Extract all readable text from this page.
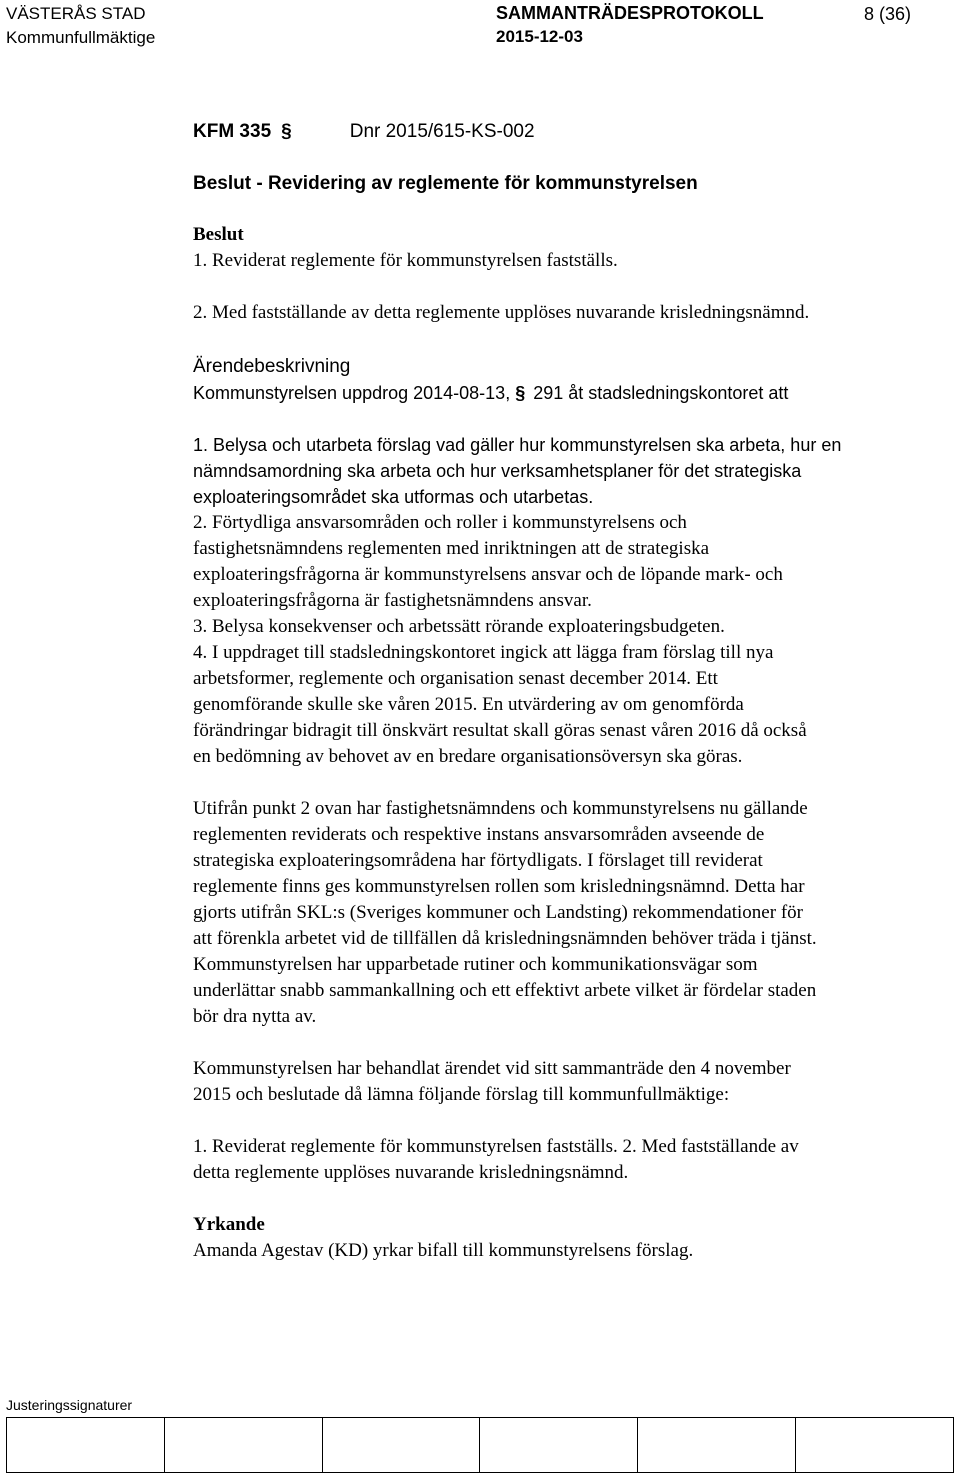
VÄSTERÅS STAD
Kommunfullmäktige
SAMMANTRÄDESPROTOKOLL
2015-12-03
8 (36)
KFM 335 §	Dnr 2015/615-KS-002
Beslut - Revidering av reglemente för kommunstyrelsen
Beslut
1. Reviderat reglemente för kommunstyrelsen fastställs.
2. Med fastställande av detta reglemente upplöses nuvarande krisledningsnämnd.
Ärendebeskrivning
Kommunstyrelsen uppdrog 2014-08-13, § 291 åt stadsledningskontoret att
1. Belysa och utarbeta förslag vad gäller hur kommunstyrelsen ska arbeta, hur en
nämndsamordning ska arbeta och hur verksamhetsplaner för det strategiska
exploateringsområdet ska utformas och utarbetas.
2. Förtydliga ansvarsområden och roller i kommunstyrelsens och
fastighetsnämndens reglementen med inriktningen att de strategiska
exploateringsfrågorna är kommunstyrelsens ansvar och de löpande mark- och
exploateringsfrågorna är fastighetsnämndens ansvar.
3. Belysa konsekvenser och arbetssätt rörande exploateringsbudgeten.
4. I uppdraget till stadsledningskontoret ingick att lägga fram förslag till nya
arbetsformer, reglemente och organisation senast december 2014. Ett
genomförande skulle ske våren 2015. En utvärdering av om genomförda
förändringar bidragit till önskvärt resultat skall göras senast våren 2016 då också
en bedömning av behovet av en bredare organisationsöversyn ska göras.
Utifrån punkt 2 ovan har fastighetsnämndens och kommunstyrelsens nu gällande
reglementen reviderats och respektive instans ansvarsområden avseende de
strategiska exploateringsområdena har förtydligats. I förslaget till reviderat
reglemente finns ges kommunstyrelsen rollen som krisledningsnämnd. Detta har
gjorts utifrån SKL:s (Sveriges kommuner och Landsting) rekommendationer för
att förenkla arbetet vid de tillfällen då krisledningsnämnden behöver träda i tjänst.
Kommunstyrelsen har upparbetade rutiner och kommunikationsvägar som
underlättar snabb sammankallning och ett effektivt arbete vilket är fördelar staden
bör dra nytta av.
Kommunstyrelsen har behandlat ärendet vid sitt sammanträde den 4 november
2015 och beslutade då lämna följande förslag till kommunfullmäktige:
1. Reviderat reglemente för kommunstyrelsen fastställs. 2. Med fastställande av
detta reglemente upplöses nuvarande krisledningsnämnd.
Yrkande
Amanda Agestav (KD) yrkar bifall till kommunstyrelsens förslag.
Justeringssignaturer
